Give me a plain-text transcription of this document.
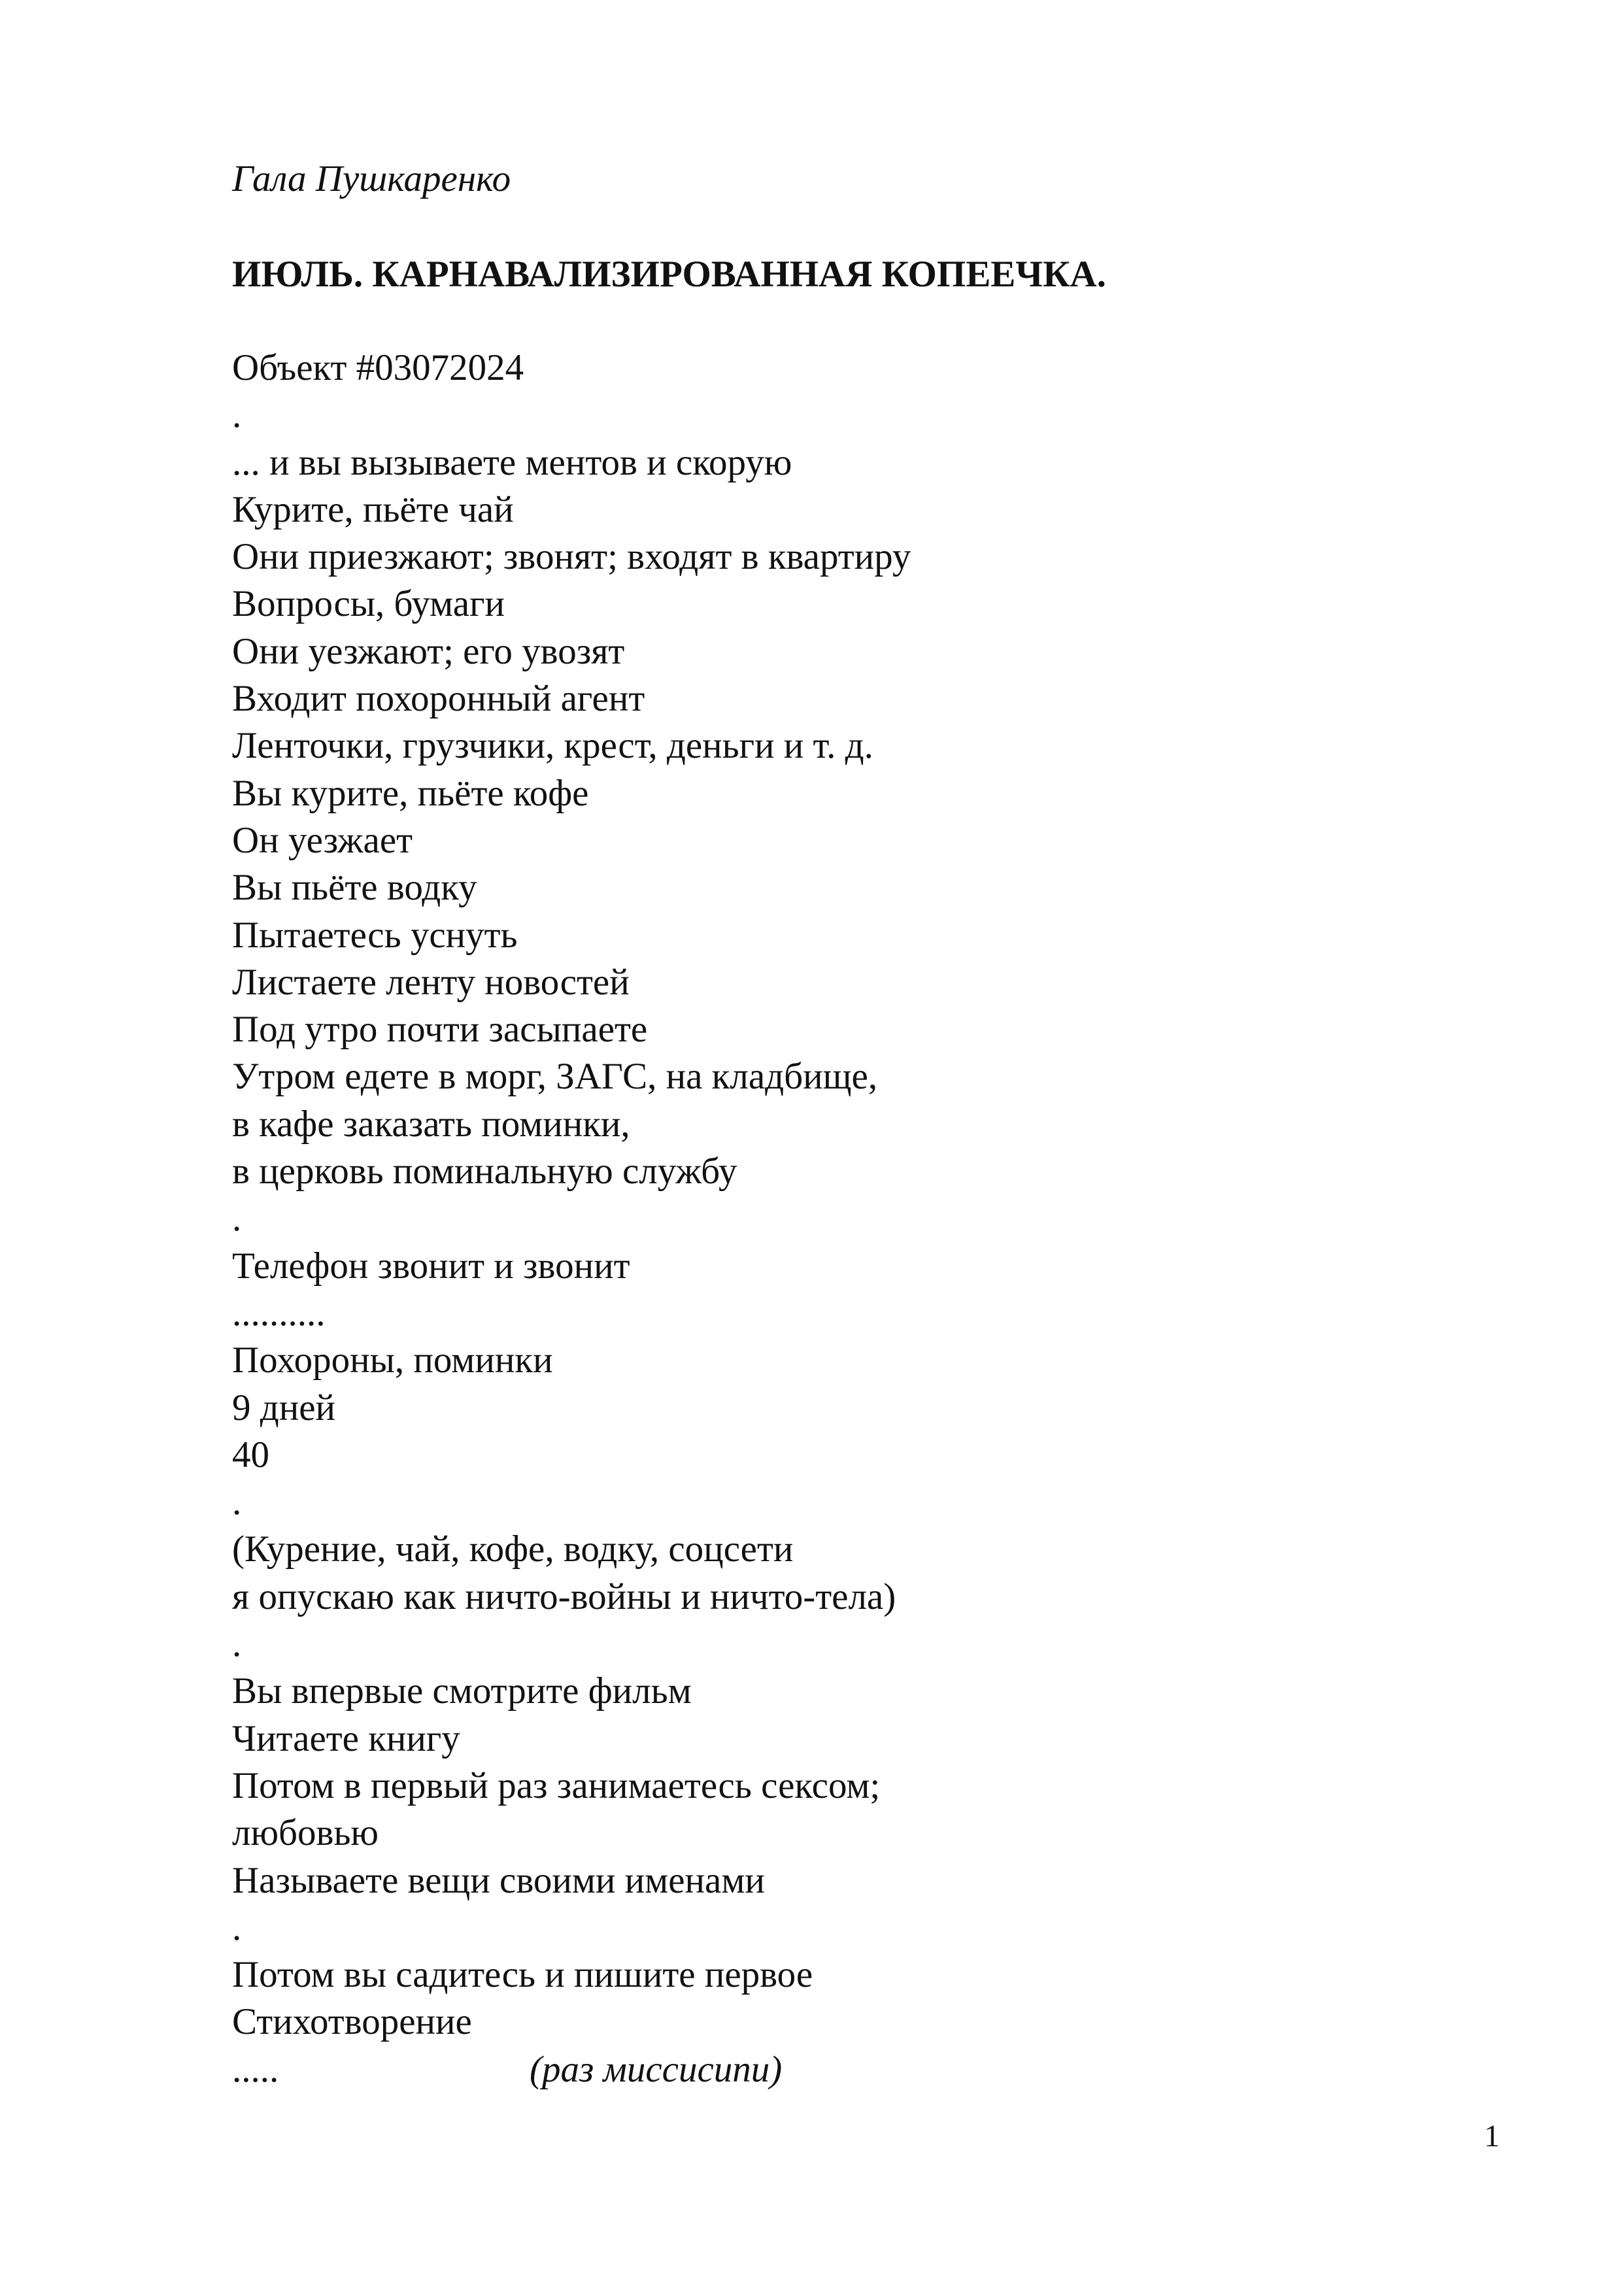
Гала Пушкаренко
ИЮЛЬ. КАРНАВАЛИЗИРОВАННАЯ КОПЕЕЧКА.
Объект #03072024
.
... и вы вызываете ментов и скорую
Курите, пьёте чай
Они приезжают; звонят; входят в квартиру
Вопросы, бумаги
Они уезжают; его увозят
Входит похоронный агент
Ленточки, грузчики, крест, деньги и т. д.
Вы курите, пьёте кофе
Он уезжает
Вы пьёте водку
Пытаетесь уснуть
Листаете ленту новостей
Под утро почти засыпаете
Утром едете в морг, ЗАГС, на кладбище,
в кафе заказать поминки,
в церковь поминальную службу
.
Телефон звонит и звонит
..........
Похороны, поминки
9 дней
40
.
(Курение, чай, кофе, водку, соцсети
я опускаю как ничто-войны и ничто-тела)
.
Вы впервые смотрите фильм
Читаете книгу
Потом в первый раз занимаетесь сексом;
любовью
Называете вещи своими именами
.
Потом вы садитесь и пишите первое
Стихотворение
.....	(раз миссисипи)
1
